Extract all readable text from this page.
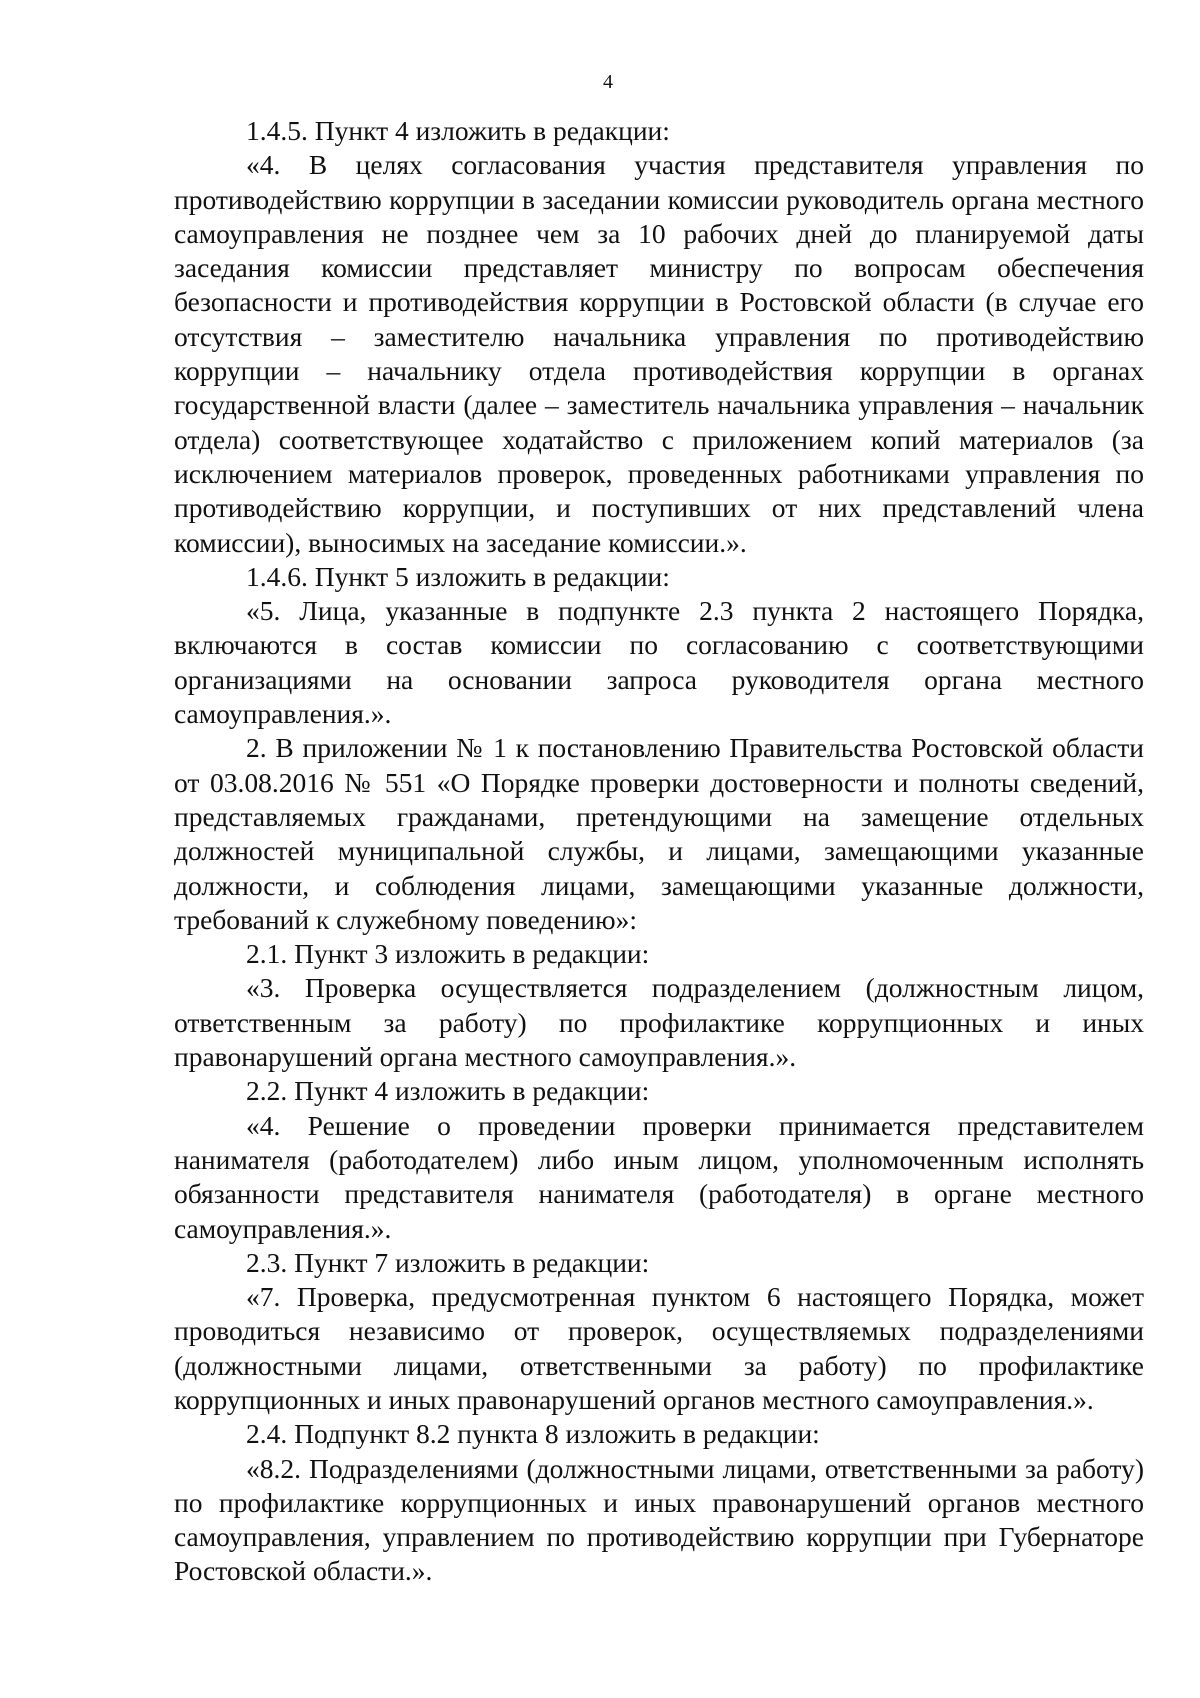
4

1.4.5. Пункт 4 изложить в редакции:

«4. В целях согласования участия представителя управления по противодействию коррупции в заседании комиссии руководитель органа местного самоуправления не позднее чем за 10 рабочих дней до планируемой даты заседания комиссии представляет министру по вопросам обеспечения безопасности и противодействия коррупции в Ростовской области (в случае его отсутствия – заместителю начальника управления по противодействию коррупции – начальнику отдела противодействия коррупции в органах государственной власти (далее – заместитель начальника управления – начальник отдела) соответствующее ходатайство с приложением копий материалов (за исключением материалов проверок, проведенных работниками управления по противодействию коррупции, и поступивших от них представлений члена комиссии), выносимых на заседание комиссии.».

1.4.6. Пункт 5 изложить в редакции:

«5. Лица, указанные в подпункте 2.3 пункта 2 настоящего Порядка, включаются в состав комиссии по согласованию с соответствующими организациями на основании запроса руководителя органа местного самоуправления.».

2. В приложении № 1 к постановлению Правительства Ростовской области от 03.08.2016 № 551 «О Порядке проверки достоверности и полноты сведений, представляемых гражданами, претендующими на замещение отдельных должностей муниципальной службы, и лицами, замещающими указанные должности, и соблюдения лицами, замещающими указанные должности, требований к служебному поведению»:

2.1. Пункт 3 изложить в редакции:

«3. Проверка осуществляется подразделением (должностным лицом, ответственным за работу) по профилактике коррупционных и иных правонарушений органа местного самоуправления.».

2.2. Пункт 4 изложить в редакции:

«4. Решение о проведении проверки принимается представителем нанимателя (работодателем) либо иным лицом, уполномоченным исполнять обязанности представителя нанимателя (работодателя) в органе местного самоуправления.».

2.3. Пункт 7 изложить в редакции:

«7. Проверка, предусмотренная пунктом 6 настоящего Порядка, может проводиться независимо от проверок, осуществляемых подразделениями (должностными лицами, ответственными за работу) по профилактике коррупционных и иных правонарушений органов местного самоуправления.».

2.4. Подпункт 8.2 пункта 8 изложить в редакции:

«8.2. Подразделениями (должностными лицами, ответственными за работу) по профилактике коррупционных и иных правонарушений органов местного самоуправления, управлением по противодействию коррупции при Губернаторе Ростовской области.».
